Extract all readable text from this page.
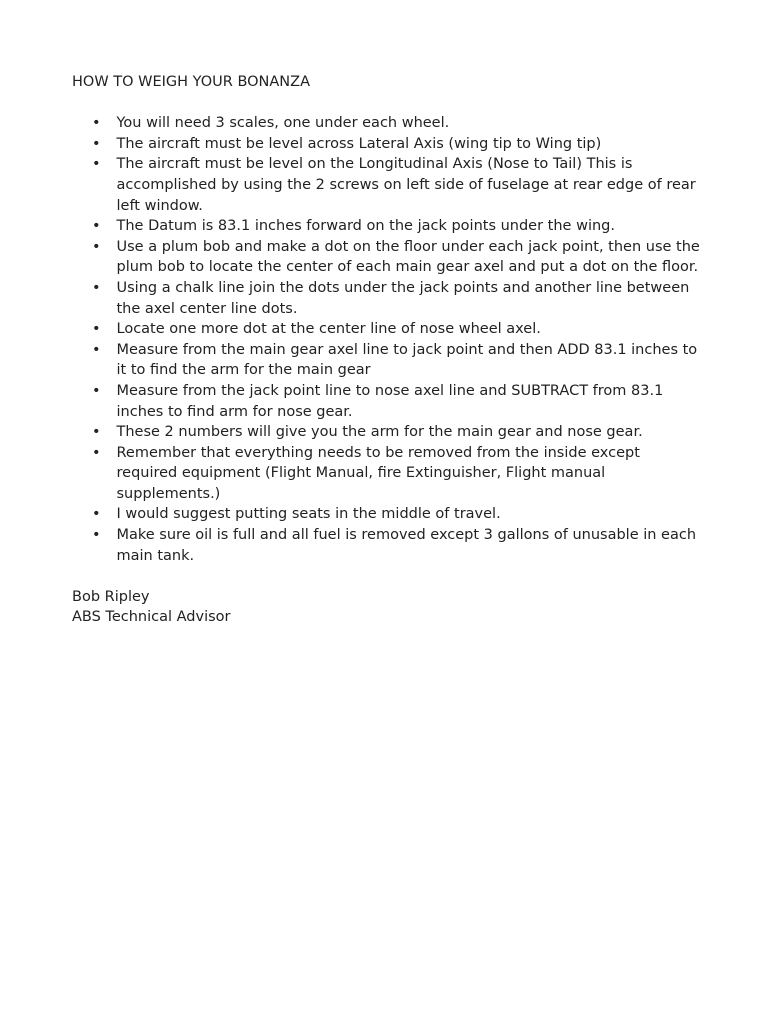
HOW TO WEIGH YOUR BONANZA
• You will need 3 scales, one under each wheel.
• The aircraft must be level across Lateral Axis (wing tip to Wing tip)
• The aircraft must be level on the Longitudinal Axis (Nose to Tail) This is accomplished by using the 2 screws on left side of fuselage at rear edge of rear left window.
• The Datum is 83.1 inches forward on the jack points under the wing.
• Use a plum bob and make a dot on the floor under each jack point, then use the plum bob to locate the center of each main gear axel and put a dot on the floor.
• Using a chalk line join the dots under the jack points and another line between the axel center line dots.
• Locate one more dot at the center line of nose wheel axel.
• Measure from the main gear axel line to jack point and then ADD 83.1 inches to it to find the arm for the main gear
• Measure from the jack point line to nose axel line and SUBTRACT from 83.1 inches to find arm for nose gear.
• These 2 numbers will give you the arm for the main gear and nose gear.
• Remember that everything needs to be removed from the inside except required equipment (Flight Manual, fire Extinguisher, Flight manual supplements.)
• I would suggest putting seats in the middle of travel.
• Make sure oil is full and all fuel is removed except 3 gallons of unusable in each main tank.
Bob Ripley
ABS Technical Advisor
